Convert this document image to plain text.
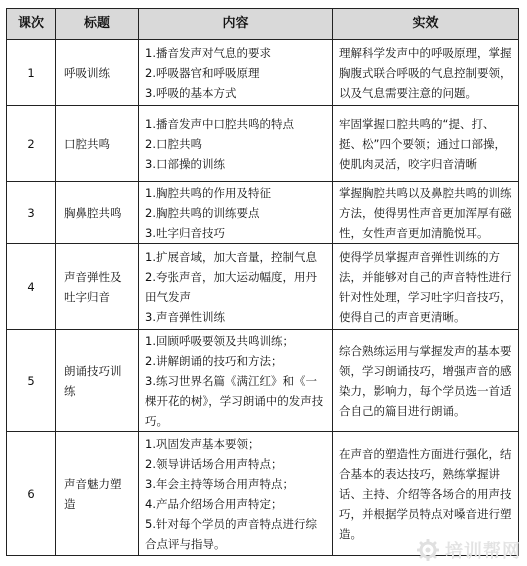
课次	标题	内容	实效
1	呼吸训练	1.播音发声对气息的要求
2.呼吸器官和呼吸原理
3.呼吸的基本方式	理解科学发声中的呼吸原理，掌握胸腹式联合呼吸的气息控制要领，以及气息需要注意的问题。
2	口腔共鸣	1.播音发声中口腔共鸣的特点
2.口腔共鸣
3.口部操的训练	牢固掌握口腔共鸣的“提、打、挺、松”四个要领；通过口部操，使肌肉灵活，咬字归音清晰
3	胸鼻腔共鸣	1.胸腔共鸣的作用及特征
2.胸腔共鸣的训练要点
3.吐字归音技巧	掌握胸腔共鸣以及鼻腔共鸣的训练方法，使得男性声音更加浑厚有磁性，女性声音更加清脆悦耳。
4	声音弹性及吐字归音	1.扩展音域，加大音量，控制气息
2.夸张声音，加大运动幅度，用丹田气发声
3.声音弹性训练	使得学员掌握声音弹性训练的方法，并能够对自己的声音特性进行针对性处理，学习吐字归音技巧，使得自己的声音更清晰。
5	朗诵技巧训练	1.回顾呼吸要领及共鸣训练；
2.讲解朗诵的技巧和方法；
3.练习世界名篇《满江红》和《一棵开花的树》，学习朗诵中的发声技巧。	综合熟练运用与掌握发声的基本要领，学习朗诵技巧，增强声音的感染力，影响力，每个学员选一首适合自己的篇目进行朗诵。
6	声音魅力塑造	1.巩固发声基本要领；
2.领导讲话场合用声特点；
3.年会主持等场合用声特点；
4.产品介绍场合用声特定；
5.针对每个学员的声音特点进行综合点评与指导。	在声音的塑造性方面进行强化，结合基本的表达技巧，熟练掌握讲话、主持、介绍等各场合的用声技巧，并根据学员特点对嗓音进行塑造。
培训帮网
